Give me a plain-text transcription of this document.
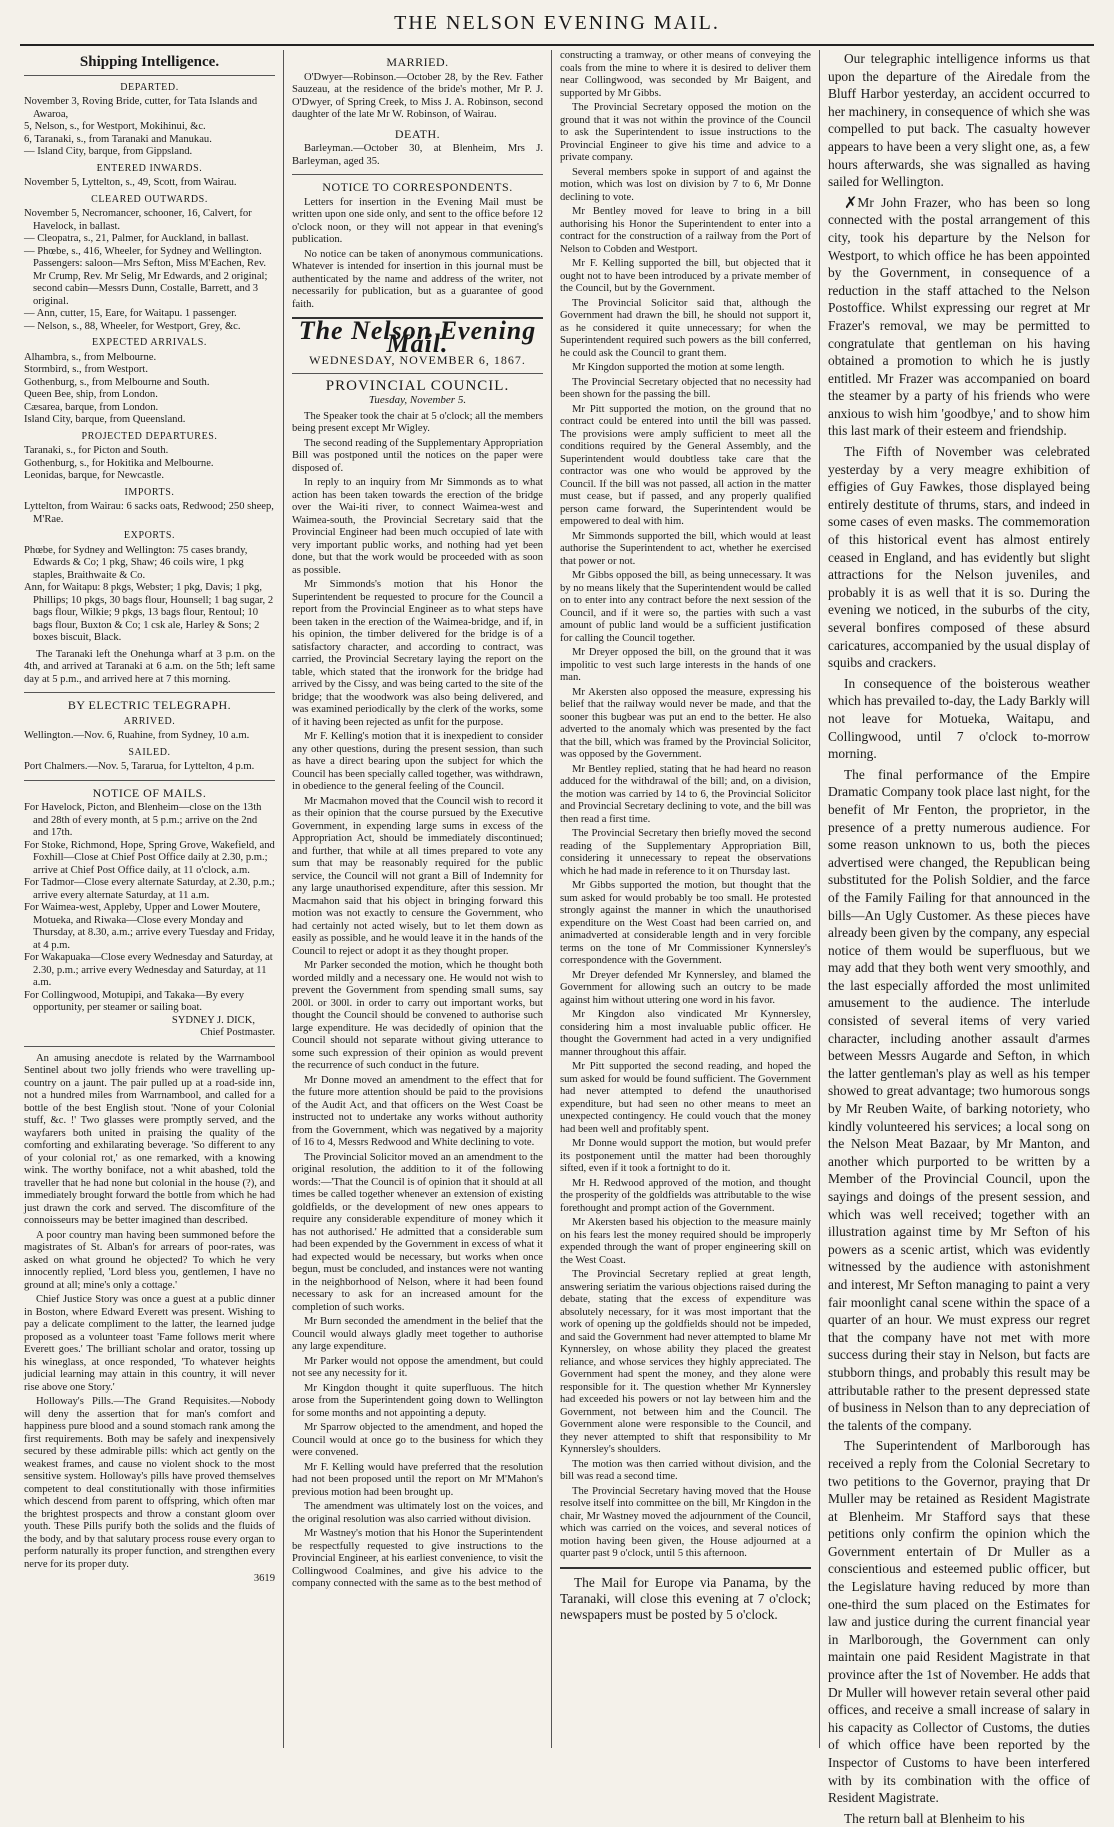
THE NELSON EVENING MAIL.
Shipping Intelligence.
DEPARTED.
November 3, Roving Bride, cutter, for Tata Islands and Awaroa,
5, Nelson, s., for Westport, Mokihinui, &c.
6, Taranaki, s., from Taranaki and Manukau.
— Island City, barque, from Gippsland.
ENTERED INWARDS.
November 5, Lyttelton, s., 49, Scott, from Wairau.
CLEARED OUTWARDS.
November 5, Necromancer, schooner, 16, Calvert, for Havelock, in ballast.
— Cleopatra, s., 21, Palmer, for Auckland, in ballast.
— Phœbe, s., 416, Wheeler, for Sydney and Wellington. Passengers: saloon—Mrs Sefton, Miss M'Eachen, Rev. Mr Crump, Rev. Mr Selig, Mr Edwards, and 2 original; second cabin—Messrs Dunn, Costalle, Barrett, and 3 original.
— Ann, cutter, 15, Eare, for Waitapu. 1 passenger.
— Nelson, s., 88, Wheeler, for Westport, Grey, &c.
EXPECTED ARRIVALS.
Alhambra, s., from Melbourne.
Stormbird, s., from Westport.
Gothenburg, s., from Melbourne and South.
Queen Bee, ship, from London.
Cæsarea, barque, from London.
Island City, barque, from Queensland.
PROJECTED DEPARTURES.
Taranaki, s., for Picton and South.
Gothenburg, s., for Hokitika and Melbourne.
Leonidas, barque, for Newcastle.
IMPORTS.
Lyttelton, from Wairau: 6 sacks oats, Redwood; 250 sheep, M'Rae.
EXPORTS.
Phœbe, for Sydney and Wellington: 75 cases brandy, Edwards & Co; 1 pkg, Shaw; 46 coils wire, 1 pkg staples, Braithwaite & Co.
Ann, for Waitapu: 8 pkgs, Webster; 1 pkg, Davis; 1 pkg, Phillips; 10 pkgs, 30 bags flour, Hounsell; 1 bag sugar, 2 bags flour, Wilkie; 9 pkgs, 13 bags flour, Rentoul; 10 bags flour, Buxton & Co; 1 csk ale, Harley & Sons; 2 boxes biscuit, Black.

The Taranaki left the Onehunga wharf at 3 p.m. on the 4th, and arrived at Taranaki at 6 a.m. on the 5th; left same day at 5 p.m., and arrived here at 7 this morning.

BY ELECTRIC TELEGRAPH.
ARRIVED.
Wellington.—Nov. 6, Ruahine, from Sydney, 10 a.m.
SAILED.
Port Chalmers.—Nov. 5, Tararua, for Lyttelton, 4 p.m.
NOTICE OF MAILS.
For Havelock, Picton, and Blenheim—close on the 13th and 28th of every month, at 5 p.m.; arrive on the 2nd and 17th.
For Stoke, Richmond, Hope, Spring Grove, Wakefield, and Foxhill—Close at Chief Post Office daily at 2.30, p.m.; arrive at Chief Post Office daily, at 11 o'clock, a.m.
For Tadmor—Close every alternate Saturday, at 2.30, p.m.; arrive every alternate Saturday, at 11 a.m.
For Waimea-west, Appleby, Upper and Lower Moutere, Motueka, and Riwaka—Close every Monday and Thursday, at 8.30, a.m.; arrive every Tuesday and Friday, at 4 p.m.
For Wakapuaka—Close every Wednesday and Saturday, at 2.30, p.m.; arrive every Wednesday and Saturday, at 11 a.m.
For Collingwood, Motupipi, and Takaka—By every opportunity, per steamer or sailing boat.

SYDNEY J. DICK,

Chief Postmaster.

An amusing anecdote is related by the Warrnambool Sentinel about two jolly friends who were travelling up-country on a jaunt. The pair pulled up at a road-side inn, not a hundred miles from Warrnambool, and called for a bottle of the best English stout. 'None of your Colonial stuff, &c. !' Two glasses were promptly served, and the wayfarers both united in praising the quality of the comforting and exhilarating beverage. 'So different to any of your colonial rot,' as one remarked, with a knowing wink. The worthy boniface, not a whit abashed, told the traveller that he had none but colonial in the house (?), and immediately brought forward the bottle from which he had just drawn the cork and served. The discomfiture of the connoisseurs may be better imagined than described.

A poor country man having been summoned before the magistrates of St. Alban's for arrears of poor-rates, was asked on what ground he objected? To which he very innocently replied, 'Lord bless you, gentlemen, I have no ground at all; mine's only a cottage.'

Chief Justice Story was once a guest at a public dinner in Boston, where Edward Everett was present. Wishing to pay a delicate compliment to the latter, the learned judge proposed as a volunteer toast 'Fame follows merit where Everett goes.' The brilliant scholar and orator, tossing up his wineglass, at once responded, 'To whatever heights judicial learning may attain in this country, it will never rise above one Story.'

Holloway's Pills.—The Grand Requisites.—Nobody will deny the assertion that for man's comfort and happiness pure blood and a sound stomach rank among the first requirements. Both may be safely and inexpensively secured by these admirable pills: which act gently on the weakest frames, and cause no violent shock to the most sensitive system. Holloway's pills have proved themselves competent to deal constitutionally with those infirmities which descend from parent to offspring, which often mar the brightest prospects and throw a constant gloom over youth. These Pills purify both the solids and the fluids of the body, and by that salutary process rouse every organ to perform naturally its proper function, and strengthen every nerve for its proper duty.

3619

MARRIED.

O'Dwyer—Robinson.—October 28, by the Rev. Father Sauzeau, at the residence of the bride's mother, Mr P. J. O'Dwyer, of Spring Creek, to Miss J. A. Robinson, second daughter of the late Mr W. Robinson, of Wairau.

DEATH.

Barleyman.—October 30, at Blenheim, Mrs J. Barleyman, aged 35.

NOTICE TO CORRESPONDENTS.

Letters for insertion in the Evening Mail must be written upon one side only, and sent to the office before 12 o'clock noon, or they will not appear in that evening's publication.

No notice can be taken of anonymous communications. Whatever is intended for insertion in this journal must be authenticated by the name and address of the writer, not necessarily for publication, but as a guarantee of good faith.

The Nelson Evening Mail.
WEDNESDAY, NOVEMBER 6, 1867.
PROVINCIAL COUNCIL.
Tuesday, November 5.

The Speaker took the chair at 5 o'clock; all the members being present except Mr Wigley.

The second reading of the Supplementary Appropriation Bill was postponed until the notices on the paper were disposed of.

In reply to an inquiry from Mr Simmonds as to what action has been taken towards the erection of the bridge over the Wai-iti river, to connect Waimea-west and Waimea-south, the Provincial Secretary said that the Provincial Engineer had been much occupied of late with very important public works, and nothing had yet been done, but that the work would be proceeded with as soon as possible.

Mr Simmonds's motion that his Honor the Superintendent be requested to procure for the Council a report from the Provincial Engineer as to what steps have been taken in the erection of the Waimea-bridge, and if, in his opinion, the timber delivered for the bridge is of a satisfactory character, and according to contract, was carried, the Provincial Secretary laying the report on the table, which stated that the ironwork for the bridge had arrived by the Cissy, and was being carted to the site of the bridge; that the woodwork was also being delivered, and was examined periodically by the clerk of the works, some of it having been rejected as unfit for the purpose.

Mr F. Kelling's motion that it is inexpedient to consider any other questions, during the present session, than such as have a direct bearing upon the subject for which the Council has been specially called together, was withdrawn, in obedience to the general feeling of the Council.

Mr Macmahon moved that the Council wish to record it as their opinion that the course pursued by the Executive Government, in expending large sums in excess of the Appropriation Act, should be immediately discontinued; and further, that while at all times prepared to vote any sum that may be reasonably required for the public service, the Council will not grant a Bill of Indemnity for any large unauthorised expenditure, after this session. Mr Macmahon said that his object in bringing forward this motion was not exactly to censure the Government, who had certainly not acted wisely, but to let them down as easily as possible, and he would leave it in the hands of the Council to reject or adopt it as they thought proper.

Mr Parker seconded the motion, which he thought both worded mildly and a necessary one. He would not wish to prevent the Government from spending small sums, say 200l. or 300l. in order to carry out important works, but thought the Council should be convened to authorise such large expenditure. He was decidedly of opinion that the Council should not separate without giving utterance to some such expression of their opinion as would prevent the recurrence of such conduct in the future.

Mr Donne moved an amendment to the effect that for the future more attention should be paid to the provisions of the Audit Act, and that officers on the West Coast be instructed not to undertake any works without authority from the Government, which was negatived by a majority of 16 to 4, Messrs Redwood and White declining to vote.

The Provincial Solicitor moved an an amendment to the original resolution, the addition to it of the following words:—'That the Council is of opinion that it should at all times be called together whenever an extension of existing goldfields, or the development of new ones appears to require any considerable expenditure of money which it has not authorised.' He admitted that a considerable sum had been expended by the Government in excess of what it had expected would be necessary, but works when once begun, must be concluded, and instances were not wanting in the neighborhood of Nelson, where it had been found necessary to ask for an increased amount for the completion of such works.

Mr Burn seconded the amendment in the belief that the Council would always gladly meet together to authorise any large expenditure.

Mr Parker would not oppose the amendment, but could not see any necessity for it.

Mr Kingdon thought it quite superfluous. The hitch arose from the Superintendent going down to Wellington for some months and not appointing a deputy.

Mr Sparrow objected to the amendment, and hoped the Council would at once go to the business for which they were convened.

Mr F. Kelling would have preferred that the resolution had not been proposed until the report on Mr M'Mahon's previous motion had been brought up.

The amendment was ultimately lost on the voices, and the original resolution was also carried without division.

Mr Wastney's motion that his Honor the Superintendent be respectfully requested to give instructions to the Provincial Engineer, at his earliest convenience, to visit the Collingwood Coalmines, and give his advice to the company connected with the same as to the best method of

constructing a tramway, or other means of conveying the coals from the mine to where it is desired to deliver them near Collingwood, was seconded by Mr Baigent, and supported by Mr Gibbs.

The Provincial Secretary opposed the motion on the ground that it was not within the province of the Council to ask the Superintendent to issue instructions to the Provincial Engineer to give his time and advice to a private company.

Several members spoke in support of and against the motion, which was lost on division by 7 to 6, Mr Donne declining to vote.

Mr Bentley moved for leave to bring in a bill authorising his Honor the Superintendent to enter into a contract for the construction of a railway from the Port of Nelson to Cobden and Westport.

Mr F. Kelling supported the bill, but objected that it ought not to have been introduced by a private member of the Council, but by the Government.

The Provincial Solicitor said that, although the Government had drawn the bill, he should not support it, as he considered it quite unnecessary; for when the Superintendent required such powers as the bill conferred, he could ask the Council to grant them.

Mr Kingdon supported the motion at some length.

The Provincial Secretary objected that no necessity had been shown for the passing the bill.

Mr Pitt supported the motion, on the ground that no contract could be entered into until the bill was passed. The provisions were amply sufficient to meet all the conditions required by the General Assembly, and the Superintendent would doubtless take care that the contractor was one who would be approved by the Council. If the bill was not passed, all action in the matter must cease, but if passed, and any properly qualified person came forward, the Superintendent would be empowered to deal with him.

Mr Simmonds supported the bill, which would at least authorise the Superintendent to act, whether he exercised that power or not.

Mr Gibbs opposed the bill, as being unnecessary. It was by no means likely that the Superintendent would be called on to enter into any contract before the next session of the Council, and if it were so, the parties with such a vast amount of public land would be a sufficient justification for calling the Council together.

Mr Dreyer opposed the bill, on the ground that it was impolitic to vest such large interests in the hands of one man.

Mr Akersten also opposed the measure, expressing his belief that the railway would never be made, and that the sooner this bugbear was put an end to the better. He also adverted to the anomaly which was presented by the fact that the bill, which was framed by the Provincial Solicitor, was opposed by the Government.

Mr Bentley replied, stating that he had heard no reason adduced for the withdrawal of the bill; and, on a division, the motion was carried by 14 to 6, the Provincial Solicitor and Provincial Secretary declining to vote, and the bill was then read a first time.

The Provincial Secretary then briefly moved the second reading of the Supplementary Appropriation Bill, considering it unnecessary to repeat the observations which he had made in reference to it on Thursday last.

Mr Gibbs supported the motion, but thought that the sum asked for would probably be too small. He protested strongly against the manner in which the unauthorised expenditure on the West Coast had been carried on, and animadverted at considerable length and in very forcible terms on the tone of Mr Commissioner Kynnersley's correspondence with the Government.

Mr Dreyer defended Mr Kynnersley, and blamed the Government for allowing such an outcry to be made against him without uttering one word in his favor.

Mr Kingdon also vindicated Mr Kynnersley, considering him a most invaluable public officer. He thought the Government had acted in a very undignified manner throughout this affair.

Mr Pitt supported the second reading, and hoped the sum asked for would be found sufficient. The Government had never attempted to defend the unauthorised expenditure, but had seen no other means to meet an unexpected contingency. He could vouch that the money had been well and profitably spent.

Mr Donne would support the motion, but would prefer its postponement until the matter had been thoroughly sifted, even if it took a fortnight to do it.

Mr H. Redwood approved of the motion, and thought the prosperity of the goldfields was attributable to the wise forethought and prompt action of the Government.

Mr Akersten based his objection to the measure mainly on his fears lest the money required should be improperly expended through the want of proper engineering skill on the West Coast.

The Provincial Secretary replied at great length, answering seriatim the various objections raised during the debate, stating that the excess of expenditure was absolutely necessary, for it was most important that the work of opening up the goldfields should not be impeded, and said the Government had never attempted to blame Mr Kynnersley, on whose ability they placed the greatest reliance, and whose services they highly appreciated. The Government had spent the money, and they alone were responsible for it. The question whether Mr Kynnersley had exceeded his powers or not lay between him and the Government, not between him and the Council. The Government alone were responsible to the Council, and they never attempted to shift that responsibility to Mr Kynnersley's shoulders.

The motion was then carried without division, and the bill was read a second time.

The Provincial Secretary having moved that the House resolve itself into committee on the bill, Mr Kingdon in the chair, Mr Wastney moved the adjournment of the Council, which was carried on the voices, and several notices of motion having been given, the House adjourned at a quarter past 9 o'clock, until 5 this afternoon.

The Mail for Europe via Panama, by the Taranaki, will close this evening at 7 o'clock; newspapers must be posted by 5 o'clock.

Our telegraphic intelligence informs us that upon the departure of the Airedale from the Bluff Harbor yesterday, an accident occurred to her machinery, in consequence of which she was compelled to put back. The casualty however appears to have been a very slight one, as, a few hours afterwards, she was signalled as having sailed for Wellington.

✗Mr John Frazer, who has been so long connected with the postal arrangement of this city, took his departure by the Nelson for Westport, to which office he has been appointed by the Government, in consequence of a reduction in the staff attached to the Nelson Postoffice. Whilst expressing our regret at Mr Frazer's removal, we may be permitted to congratulate that gentleman on his having obtained a promotion to which he is justly entitled. Mr Frazer was accompanied on board the steamer by a party of his friends who were anxious to wish him 'goodbye,' and to show him this last mark of their esteem and friendship.

The Fifth of November was celebrated yesterday by a very meagre exhibition of effigies of Guy Fawkes, those displayed being entirely destitute of thrums, stars, and indeed in some cases of even masks. The commemoration of this historical event has almost entirely ceased in England, and has evidently but slight attractions for the Nelson juveniles, and probably it is as well that it is so. During the evening we noticed, in the suburbs of the city, several bonfires composed of these absurd caricatures, accompanied by the usual display of squibs and crackers.

In consequence of the boisterous weather which has prevailed to-day, the Lady Barkly will not leave for Motueka, Waitapu, and Collingwood, until 7 o'clock to-morrow morning.

The final performance of the Empire Dramatic Company took place last night, for the benefit of Mr Fenton, the proprietor, in the presence of a pretty numerous audience. For some reason unknown to us, both the pieces advertised were changed, the Republican being substituted for the Polish Soldier, and the farce of the Family Failing for that announced in the bills—An Ugly Customer. As these pieces have already been given by the company, any especial notice of them would be superfluous, but we may add that they both went very smoothly, and the last especially afforded the most unlimited amusement to the audience. The interlude consisted of several items of very varied character, including another assault d'armes between Messrs Augarde and Sefton, in which the latter gentleman's play as well as his temper showed to great advantage; two humorous songs by Mr Reuben Waite, of barking notoriety, who kindly volunteered his services; a local song on the Nelson Meat Bazaar, by Mr Manton, and another which purported to be written by a Member of the Provincial Council, upon the sayings and doings of the present session, and which was well received; together with an illustration against time by Mr Sefton of his powers as a scenic artist, which was evidently witnessed by the audience with astonishment and interest, Mr Sefton managing to paint a very fair moonlight canal scene within the space of a quarter of an hour. We must express our regret that the company have not met with more success during their stay in Nelson, but facts are stubborn things, and probably this result may be attributable rather to the present depressed state of business in Nelson than to any depreciation of the talents of the company.

The Superintendent of Marlborough has received a reply from the Colonial Secretary to two petitions to the Governor, praying that Dr Muller may be retained as Resident Magistrate at Blenheim. Mr Stafford says that these petitions only confirm the opinion which the Government entertain of Dr Muller as a conscientious and esteemed public officer, but the Legislature having reduced by more than one-third the sum placed on the Estimates for law and justice during the current financial year in Marlborough, the Government can only maintain one paid Resident Magistrate in that province after the 1st of November. He adds that Dr Muller will however retain several other paid offices, and receive a small increase of salary in his capacity as Collector of Customs, the duties of which office have been reported by the Inspector of Customs to have been interfered with by its combination with the office of Resident Magistrate.

The return ball at Blenheim to his
